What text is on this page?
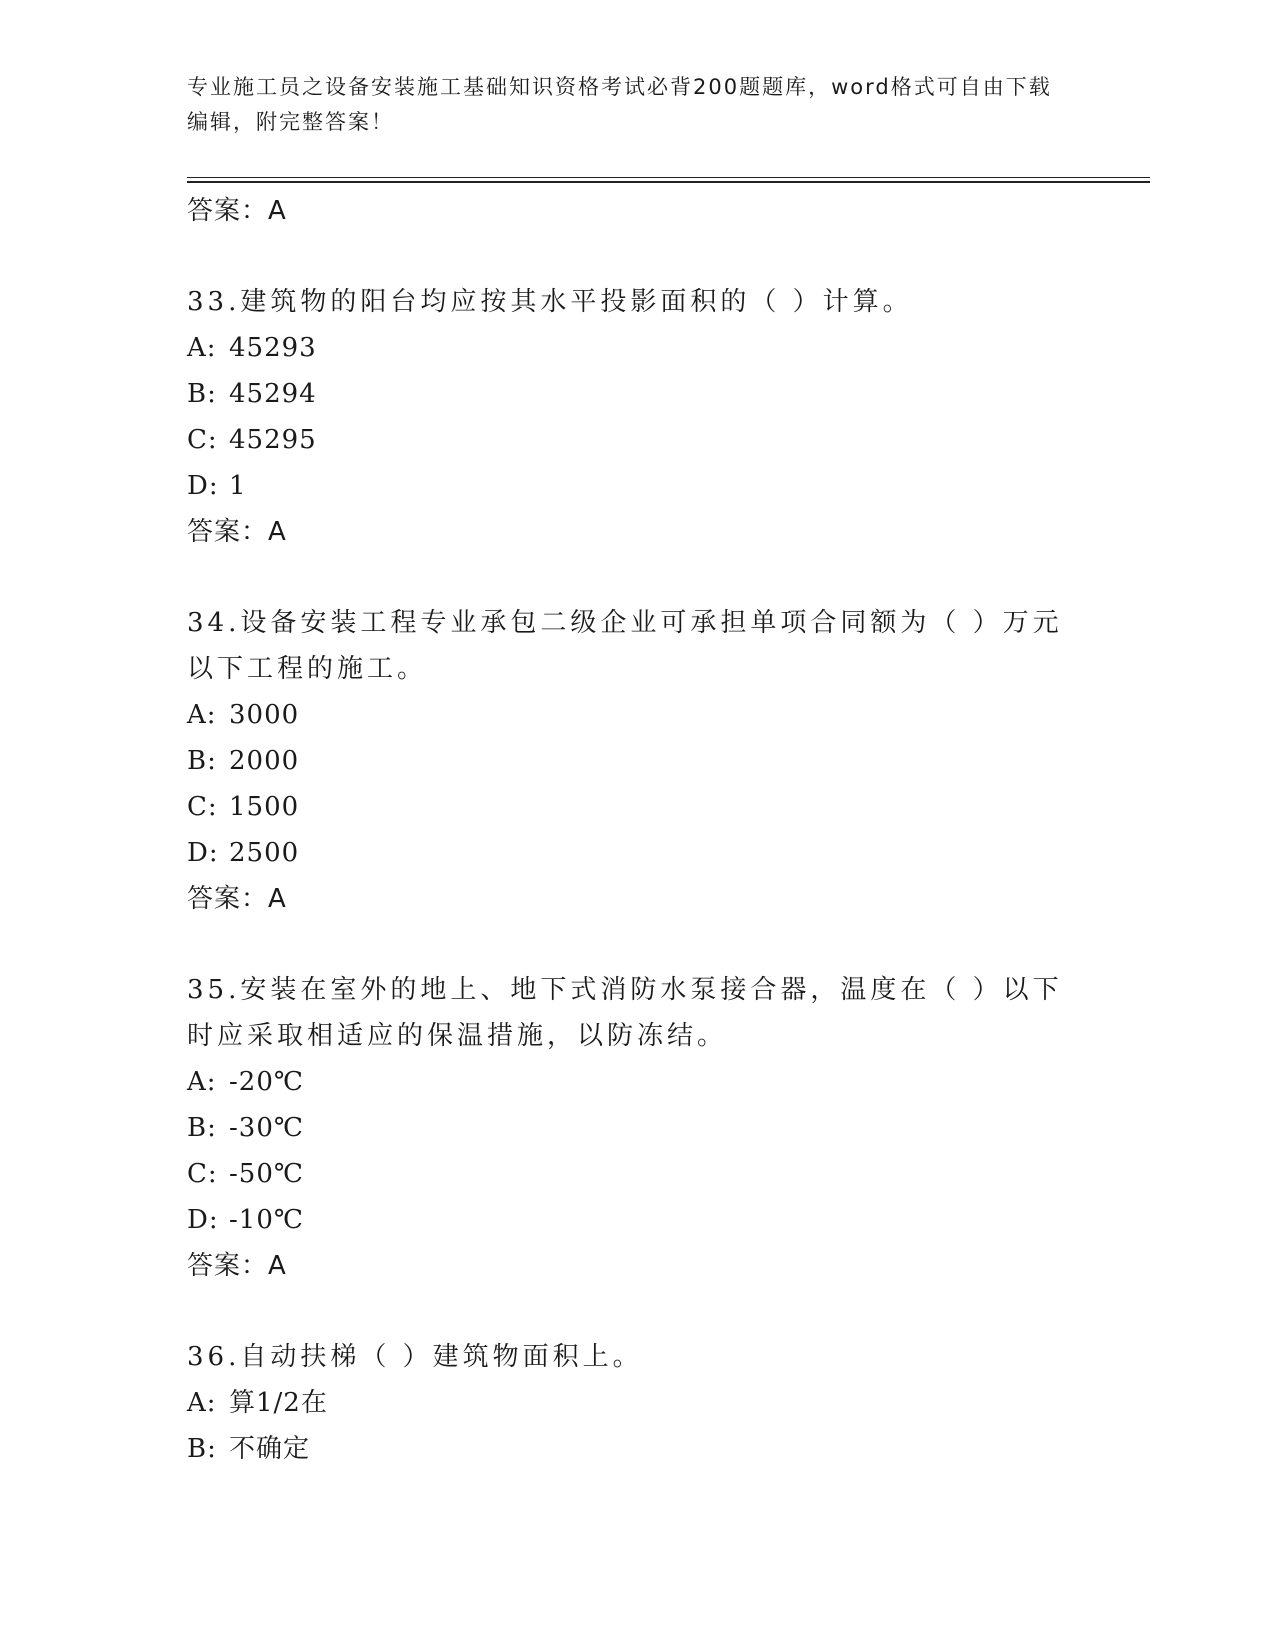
专业施工员之设备安装施工基础知识资格考试必背200题题库，word格式可自由下载编辑，附完整答案！
答案：A

33.建筑物的阳台均应按其水平投影面积的（ ）计算。

A: 45293
B: 45294
C: 45295
D: 1
答案：A

34.设备安装工程专业承包二级企业可承担单项合同额为（ ）万元以下工程的施工。

A: 3000
B: 2000
C: 1500
D: 2500
答案：A

35.安装在室外的地上、地下式消防水泵接合器，温度在（ ）以下时应采取相适应的保温措施，以防冻结。

A: -20℃
B: -30℃
C: -50℃
D: -10℃
答案：A

36.自动扶梯（ ）建筑物面积上。

A: 算1/2在
B: 不确定
